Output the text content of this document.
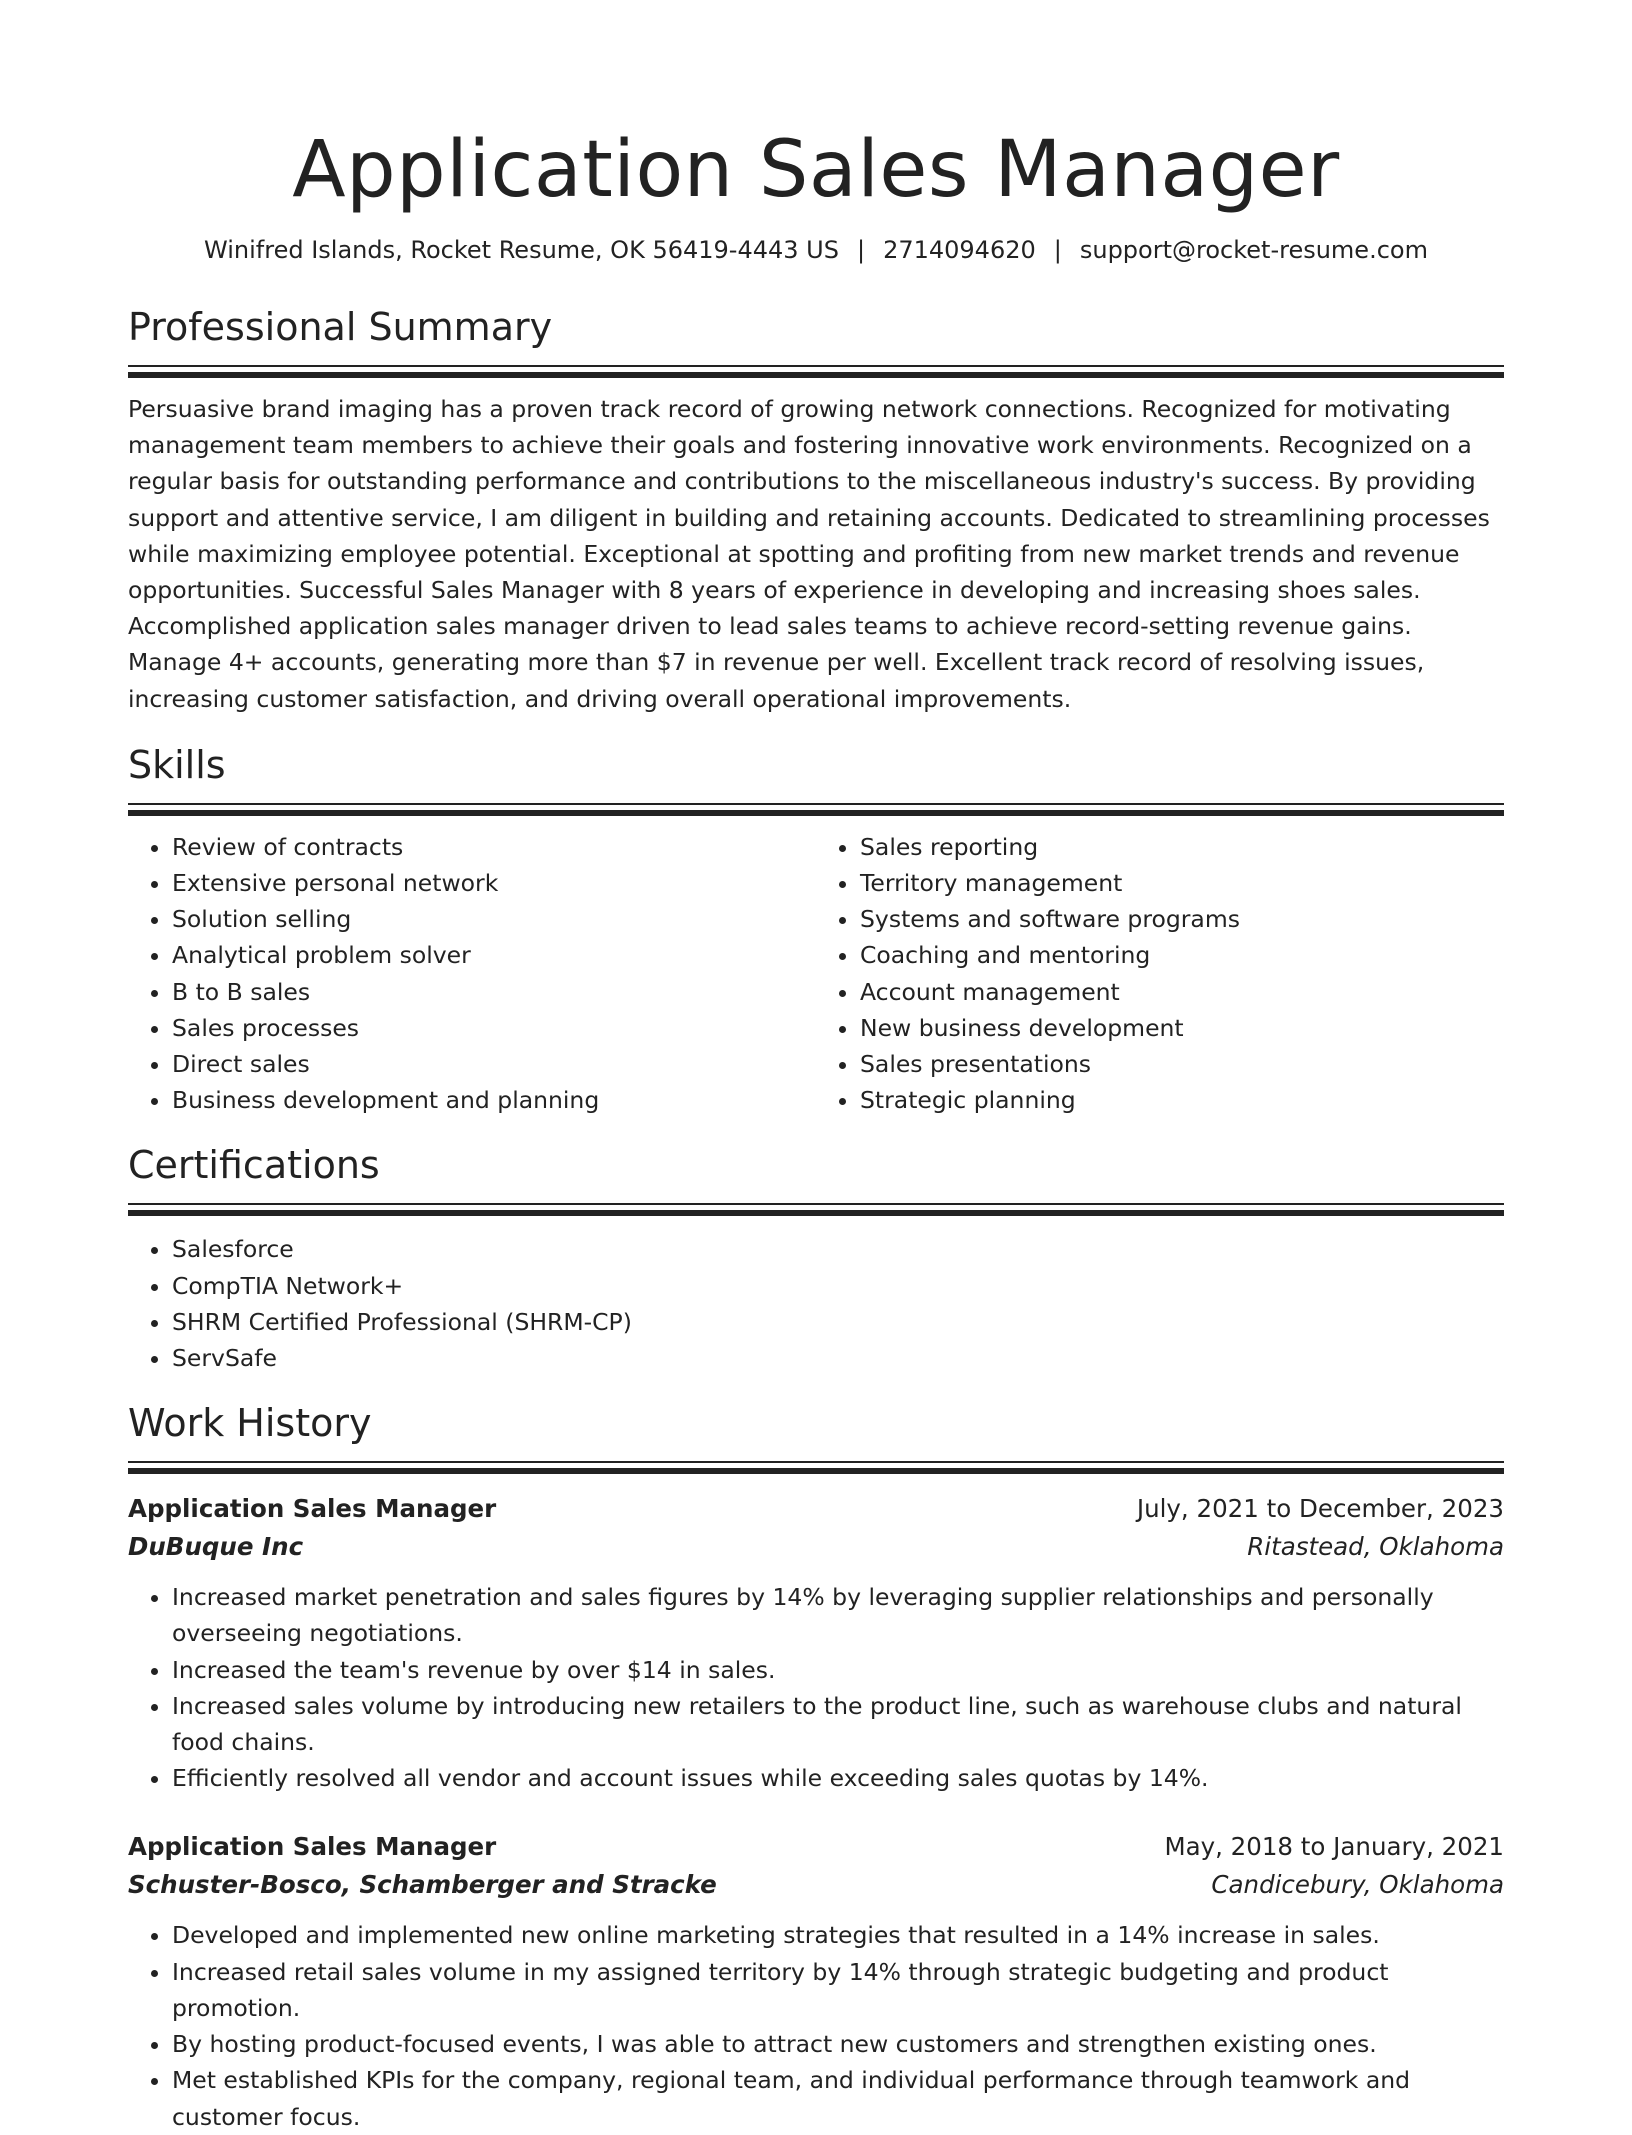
Application Sales Manager
Winifred Islands, Rocket Resume, OK 56419-4443 US | 2714094620 | support@rocket-resume.com
Professional Summary

Persuasive brand imaging has a proven track record of growing network connections. Recognized for motivating management team members to achieve their goals and fostering innovative work environments. Recognized on a regular basis for outstanding performance and contributions to the miscellaneous industry's success. By providing support and attentive service, I am diligent in building and retaining accounts. Dedicated to streamlining processes while maximizing employee potential. Exceptional at spotting and profiting from new market trends and revenue opportunities. Successful Sales Manager with 8 years of experience in developing and increasing shoes sales. Accomplished application sales manager driven to lead sales teams to achieve record-setting revenue gains. Manage 4+ accounts, generating more than $7 in revenue per well. Excellent track record of resolving issues, increasing customer satisfaction, and driving overall operational improvements.

Skills
• Review of contracts
• Extensive personal network
• Solution selling
• Analytical problem solver
• B to B sales
• Sales processes
• Direct sales
• Business development and planning
• Sales reporting
• Territory management
• Systems and software programs
• Coaching and mentoring
• Account management
• New business development
• Sales presentations
• Strategic planning
Certifications
• Salesforce
• CompTIA Network+
• SHRM Certified Professional (SHRM-CP)
• ServSafe
Work History
Application Sales Manager	July, 2021 to December, 2023
DuBuque Inc	Ritastead, Oklahoma
• Increased market penetration and sales figures by 14% by leveraging supplier relationships and personally overseeing negotiations.
• Increased the team's revenue by over $14 in sales.
• Increased sales volume by introducing new retailers to the product line, such as warehouse clubs and natural food chains.
• Efficiently resolved all vendor and account issues while exceeding sales quotas by 14%.
Application Sales Manager	May, 2018 to January, 2021
Schuster-Bosco, Schamberger and Stracke	Candicebury, Oklahoma
• Developed and implemented new online marketing strategies that resulted in a 14% increase in sales.
• Increased retail sales volume in my assigned territory by 14% through strategic budgeting and product promotion.
• By hosting product-focused events, I was able to attract new customers and strengthen existing ones.
• Met established KPIs for the company, regional team, and individual performance through teamwork and customer focus.
